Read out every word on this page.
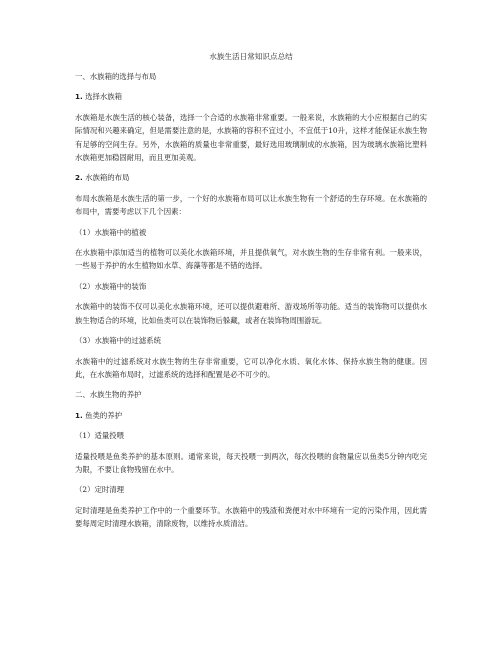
水族生活日常知识点总结
一、水族箱的选择与布局
1. 选择水族箱
水族箱是水族生活的核心装备，选择一个合适的水族箱非常重要。一般来说，水族箱的大小应根据自己的实际情况和兴趣来确定，但是需要注意的是，水族箱的容积不宜过小，不宜低于10升，这样才能保证水族生物有足够的空间生存。另外，水族箱的质量也非常重要，最好选用玻璃制成的水族箱，因为玻璃水族箱比塑料水族箱更加稳固耐用，而且更加美观。
2. 水族箱的布局
布局水族箱是水族生活的第一步，一个好的水族箱布局可以让水族生物有一个舒适的生存环境。在水族箱的布局中，需要考虑以下几个因素：
（1）水族箱中的植被
在水族箱中添加适当的植物可以美化水族箱环境，并且提供氧气，对水族生物的生存非常有利。一般来说，一些易于养护的水生植物如水草、海藻等都是不错的选择。
（2）水族箱中的装饰
水族箱中的装饰不仅可以美化水族箱环境，还可以提供避难所、游戏场所等功能。适当的装饰物可以提供水族生物适合的环境，比如鱼类可以在装饰物后躲藏，或者在装饰物周围游玩。
（3）水族箱中的过滤系统
水族箱中的过滤系统对水族生物的生存非常重要，它可以净化水质、氧化水体、保持水族生物的健康。因此，在水族箱布局时，过滤系统的选择和配置是必不可少的。
二、水族生物的养护
1. 鱼类的养护
（1）适量投喂
适量投喂是鱼类养护的基本原则。通常来说，每天投喂一到两次，每次投喂的食物量应以鱼类5分钟内吃完为限，不要让食物残留在水中。
（2）定时清理
定时清理是鱼类养护工作中的一个重要环节。水族箱中的残渣和粪便对水中环境有一定的污染作用，因此需要每周定时清理水族箱，清除废物，以维持水质清洁。
